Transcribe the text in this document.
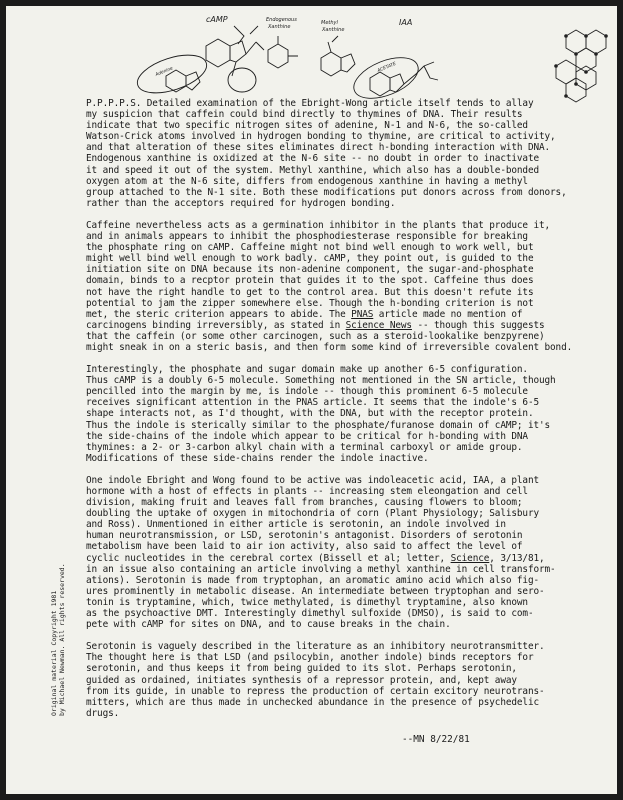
cAMP	Endogenous
Xanthine
Methyl
Xanthine
IAA
Adenine	ACETATE

P.P.P.P.S. Detailed examination of the Ebright-Wong article itself tends to allay
my suspicion that caffein could bind directly to thymines of DNA. Their results
indicate that two specific nitrogen sites of adenine, N-1 and N-6, the so-called
Watson-Crick atoms involved in hydrogen bonding to thymine, are critical to activity,
and that alteration of these sites eliminates direct h-bonding interaction with DNA.
Endogenous xanthine is oxidized at the N-6 site -- no doubt in order to inactivate
it and speed it out of the system. Methyl xanthine, which also has a double-bonded
oxygen atom at the N-6 site, differs from endogenous xanthine in having a methyl
group attached to the N-1 site. Both these modifications put donors across from donors,
rather than the acceptors required for hydrogen bonding.

Caffeine nevertheless acts as a germination inhibitor in the plants that produce it,
and in animals appears to inhibit the phosphodiesterase responsible for breaking
the phosphate ring on cAMP. Caffeine might not bind well enough to work well, but
might well bind well enough to work badly. cAMP, they point out, is guided to the
initiation site on DNA because its non-adenine component, the sugar-and-phosphate
domain, binds to a recptor protein that guides it to the spot. Caffeine thus does
not have the right handle to get to the control area. But this doesn't refute its
potential to jam the zipper somewhere else. Though the h-bonding criterion is not
met, the steric criterion appears to abide. The PNAS article made no mention of
carcinogens binding irreversibly, as stated in Science News -- though this suggests
that the caffein (or some other carcinogen, such as a steroid-lookalike benzpyrene)
might sneak in on a steric basis, and then form some kind of irreversible covalent bond.

Interestingly, the phosphate and sugar domain make up another 6-5 configuration.
Thus cAMP is a doubly 6-5 molecule. Something not mentioned in the SN article, though
pencilled into the margin by me, is indole -- though this prominent 6-5 molecule
receives significant attention in the PNAS article. It seems that the indole's 6-5
shape interacts not, as I'd thought, with the DNA, but with the receptor protein.
Thus the indole is sterically similar to the phosphate/furanose domain of cAMP; it's
the side-chains of the indole which appear to be critical for h-bonding with DNA
thymines: a 2- or 3-carbon alkyl chain with a terminal carboxyl or amide group.
Modifications of these side-chains render the indole inactive.

One indole Ebright and Wong found to be active was indoleacetic acid, IAA, a plant
hormone with a host of effects in plants -- increasing stem eleongation and cell
division, making fruit and leaves fall from branches, causing flowers to bloom;
doubling the uptake of oxygen in mitochondria of corn (Plant Physiology; Salisbury
and Ross). Unmentioned in either article is serotonin, an indole involved in
human neurotransmission, or LSD, serotonin's antagonist. Disorders of serotonin
metabolism have been laid to air ion activity, also said to affect the level of
cyclic nucleotides in the cerebral cortex (Bissell et al; letter, Science, 3/13/81,
in an issue also containing an article involving a methyl xanthine in cell transform-
ations). Serotonin is made from tryptophan, an aromatic amino acid which also fig-
ures prominently in metabolic disease. An intermediate between tryptophan and sero-
tonin is tryptamine, which, twice methylated, is dimethyl tryptamine, also known
as the psychoactive DMT. Interestingly dimethyl sulfoxide (DMSO), is said to com-
pete with cAMP for sites on DNA, and to cause breaks in the chain.

Serotonin is vaguely described in the literature as an inhibitory neurotransmitter.
The thought here is that LSD (and psilocybin, another indole) binds receptors for
serotonin, and thus keeps it from being guided to its slot. Perhaps serotonin,
guided as ordained, initiates synthesis of a repressor protein, and, kept away
from its guide, in unable to repress the production of certain excitory neurotrans-
mitters, which are thus made in unchecked abundance in the presence of psychedelic
drugs.

--MN 8/22/81
Original material Copyright 1981 by Michael Newman. All rights reserved.
